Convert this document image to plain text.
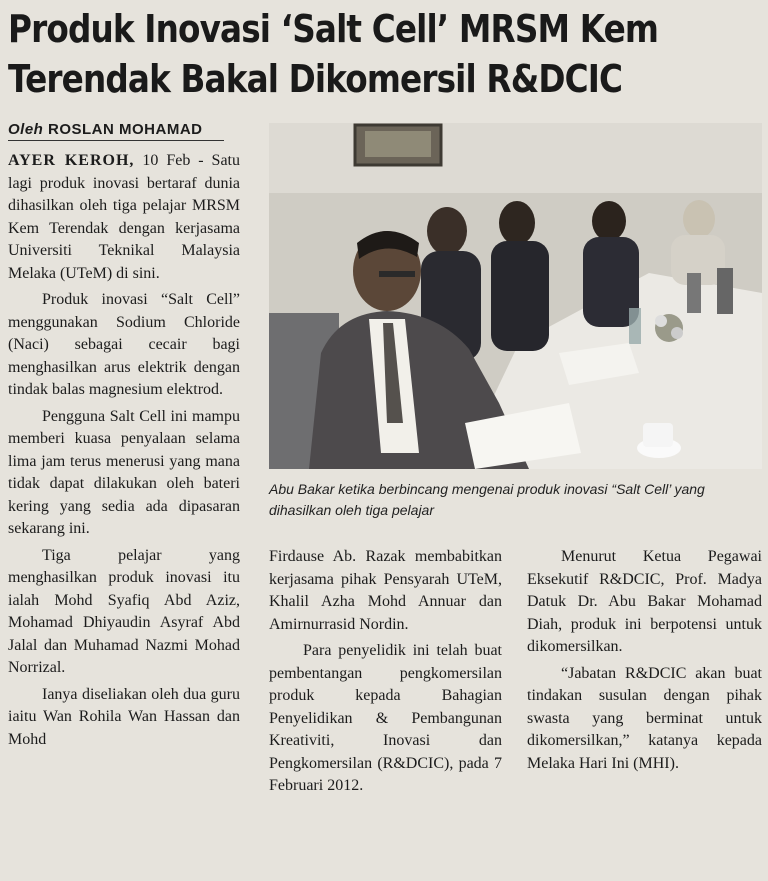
Produk Inovasi ‘Salt Cell’ MRSM Kem
Terendak Bakal Dikomersil R&DCIC
Oleh ROSLAN MOHAMAD

AYER KEROH, 10 Feb - Satu lagi produk inovasi bertaraf dunia dihasilkan oleh tiga pelajar MRSM Kem Terendak dengan kerjasama Universiti Teknikal Malaysia Melaka (UTeM) di sini.

Produk inovasi “Salt Cell” menggunakan Sodium Chloride (Naci) sebagai cecair bagi menghasilkan arus elektrik dengan tindak balas magnesium elektrod.

Pengguna Salt Cell ini mampu memberi kuasa penyalaan selama lima jam terus menerusi yang mana tidak dapat dilakukan oleh bateri kering yang sedia ada dipasaran sekarang ini.

Tiga pelajar yang menghasilkan produk inovasi itu ialah Mohd Syafiq Abd Aziz, Mohamad Dhiyaudin Asyraf Abd Jalal dan Muhamad Nazmi Mohad Norrizal.

Ianya diseliakan oleh dua guru iaitu Wan Rohila Wan Hassan dan Mohd

Abu Bakar ketika berbincang mengenai produk inovasi “Salt Cell’ yang dihasilkan oleh tiga pelajar

Firdause Ab. Razak membabitkan kerjasama pihak Pensyarah UTeM, Khalil Azha Mohd Annuar dan Amirnurrasid Nordin.

Para penyelidik ini telah buat pembentangan pengkomersilan produk kepada Bahagian Penyelidikan & Pembangunan Kreativiti, Inovasi dan Pengkomersilan (R&DCIC), pada 7 Februari 2012.

Menurut Ketua Pegawai Eksekutif R&DCIC, Prof. Madya Datuk Dr. Abu Bakar Mohamad Diah, produk ini berpotensi untuk dikomersilkan.

“Jabatan R&DCIC akan buat tindakan susulan dengan pihak swasta yang berminat untuk dikomersilkan,” katanya kepada Melaka Hari Ini (MHI).
